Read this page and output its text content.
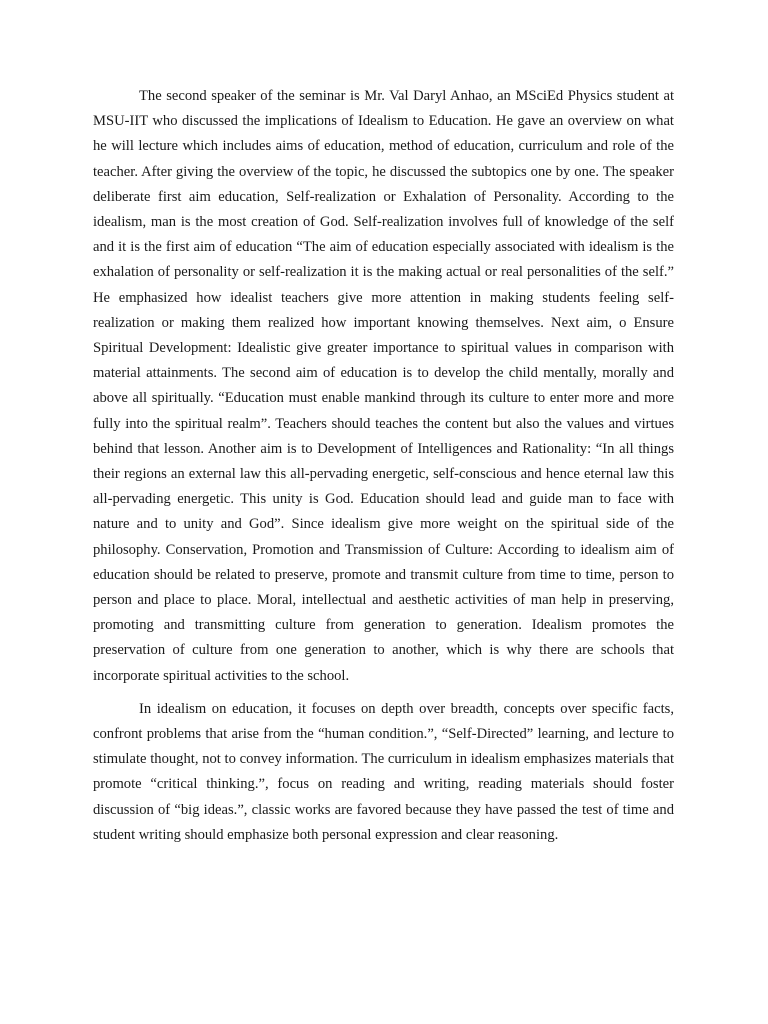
The second speaker of the seminar is Mr. Val Daryl Anhao, an MSciEd Physics student at MSU-IIT who discussed the implications of Idealism to Education. He gave an overview on what he will lecture which includes aims of education, method of education, curriculum and role of the teacher. After giving the overview of the topic, he discussed the subtopics one by one. The speaker deliberate first aim education, Self-realization or Exhalation of Personality. According to the idealism, man is the most creation of God. Self-realization involves full of knowledge of the self and it is the first aim of education “The aim of education especially associated with idealism is the exhalation of personality or self-realization it is the making actual or real personalities of the self.” He emphasized how idealist teachers give more attention in making students feeling self-realization or making them realized how important knowing themselves. Next aim, o Ensure Spiritual Development: Idealistic give greater importance to spiritual values in comparison with material attainments. The second aim of education is to develop the child mentally, morally and above all spiritually. “Education must enable mankind through its culture to enter more and more fully into the spiritual realm”. Teachers should teaches the content but also the values and virtues behind that lesson. Another aim is to Development of Intelligences and Rationality: “In all things their regions an external law this all-pervading energetic, self-conscious and hence eternal law this all-pervading energetic. This unity is God. Education should lead and guide man to face with nature and to unity and God”. Since idealism give more weight on the spiritual side of the philosophy. Conservation, Promotion and Transmission of Culture: According to idealism aim of education should be related to preserve, promote and transmit culture from time to time, person to person and place to place. Moral, intellectual and aesthetic activities of man help in preserving, promoting and transmitting culture from generation to generation. Idealism promotes the preservation of culture from one generation to another, which is why there are schools that incorporate spiritual activities to the school.

In idealism on education, it focuses on depth over breadth, concepts over specific facts, confront problems that arise from the “human condition.”, “Self-Directed” learning, and lecture to stimulate thought, not to convey information. The curriculum in idealism emphasizes materials that promote “critical thinking.”, focus on reading and writing, reading materials should foster discussion of “big ideas.”, classic works are favored because they have passed the test of time and student writing should emphasize both personal expression and clear reasoning.
